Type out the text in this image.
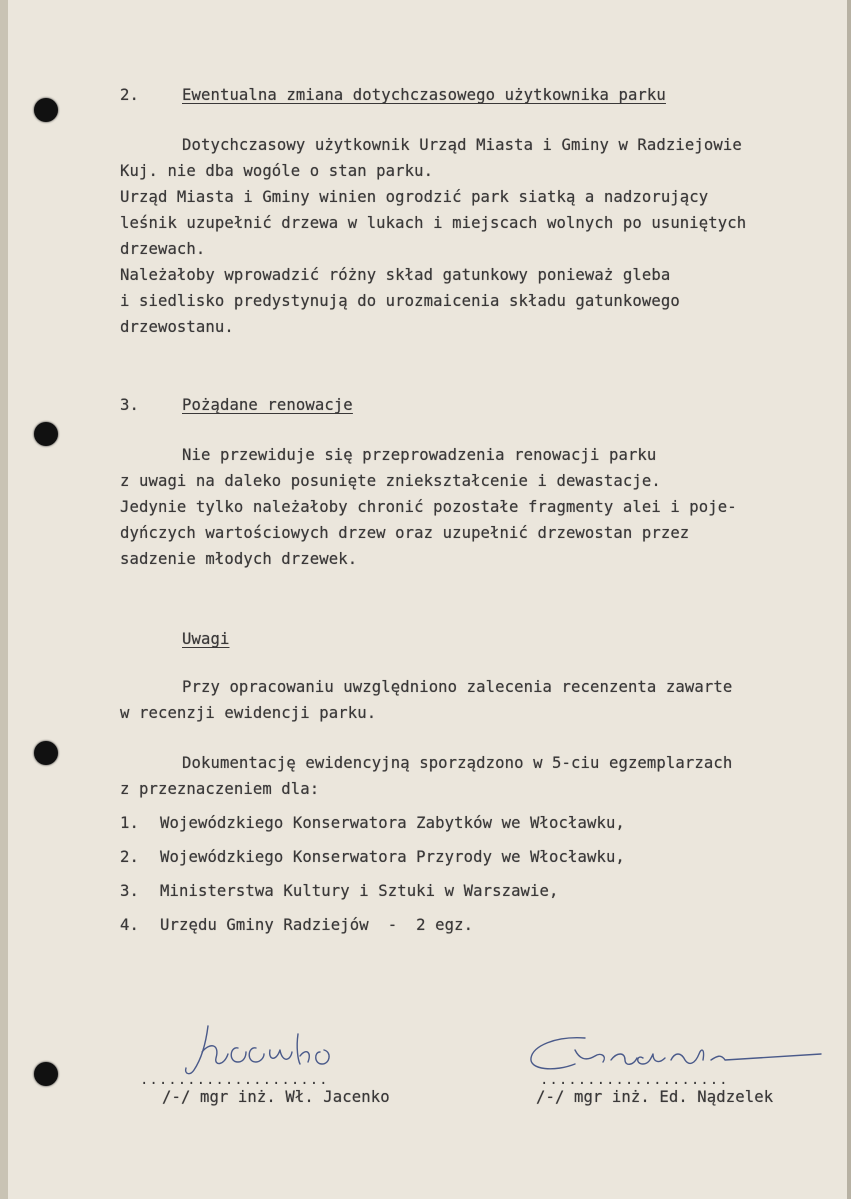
2.	Ewentualna zmiana dotychczasowego użytkownika parku
Dotychczasowy użytkownik Urząd Miasta i Gminy w Radziejowie
Kuj. nie dba wogóle o stan parku.
Urząd Miasta i Gminy winien ogrodzić park siatką a nadzorujący
leśnik uzupełnić drzewa w lukach i miejscach wolnych po usuniętych
drzewach.
Należałoby wprowadzić różny skład gatunkowy ponieważ gleba
i siedlisko predystynują do urozmaicenia składu gatunkowego
drzewostanu.
3.	Pożądane renowacje
Nie przewiduje się przeprowadzenia renowacji parku
z uwagi na daleko posunięte zniekształcenie i dewastacje.
Jedynie tylko należałoby chronić pozostałe fragmenty alei i poje-
dyńczych wartościowych drzew oraz uzupełnić drzewostan przez
sadzenie młodych drzewek.
Uwagi
Przy opracowaniu uwzględniono zalecenia recenzenta zawarte
w recenzji ewidencji parku.
Dokumentację ewidencyjną sporządzono w 5-ciu egzemplarzach
z przeznaczeniem dla:
1. Wojewódzkiego Konserwatora Zabytków we Włocławku,
2. Wojewódzkiego Konserwatora Przyrody we Włocławku,
3. Ministerstwa Kultury i Sztuki w Warszawie,
4. Urzędu Gminy Radziejów  -  2 egz.
....................
/-/ mgr inż. Wł. Jacenko
....................
/-/ mgr inż. Ed. Nądzelek
